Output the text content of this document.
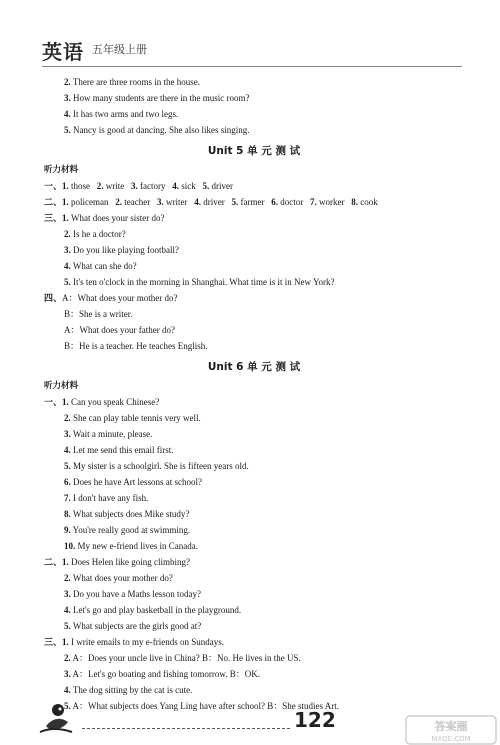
英语 五年级上册
2. There are three rooms in the house.
3. How many students are there in the music room?
4. It has two arms and two legs.
5. Nancy is good at dancing. She also likes singing.
Unit 5 单 元 测 试
听力材料
一、1. those 2. write 3. factory 4. sick 5. driver
二、1. policeman 2. teacher 3. writer 4. driver 5. farmer 6. doctor 7. worker 8. cook
三、1. What does your sister do?
2. Is he a doctor?
3. Do you like playing football?
4. What can she do?
5. It's ten o'clock in the morning in Shanghai. What time is it in New York?
四、A：What does your mother do?
B：She is a writer.
A：What does your father do?
B：He is a teacher. He teaches English.
Unit 6 单 元 测 试
听力材料
一、1. Can you speak Chinese?
2. She can play table tennis very well.
3. Wait a minute, please.
4. Let me send this email first.
5. My sister is a schoolgirl. She is fifteen years old.
6. Does he have Art lessons at school?
7. I don't have any fish.
8. What subjects does Mike study?
9. You're really good at swimming.
10. My new e-friend lives in Canada.
二、1. Does Helen like going climbing?
2. What does your mother do?
3. Do you have a Maths lesson today?
4. Let's go and play basketball in the playground.
5. What subjects are the girls good at?
三、1. I write emails to my e-friends on Sundays.
2. A：Does your uncle live in China? B：No. He lives in the US.
3. A：Let's go boating and fishing tomorrow. B：OK.
4. The dog sitting by the cat is cute.
5. A：What subjects does Yang Ling have after school? B：She studies Art.
122	答案圈
MXQE.COM
